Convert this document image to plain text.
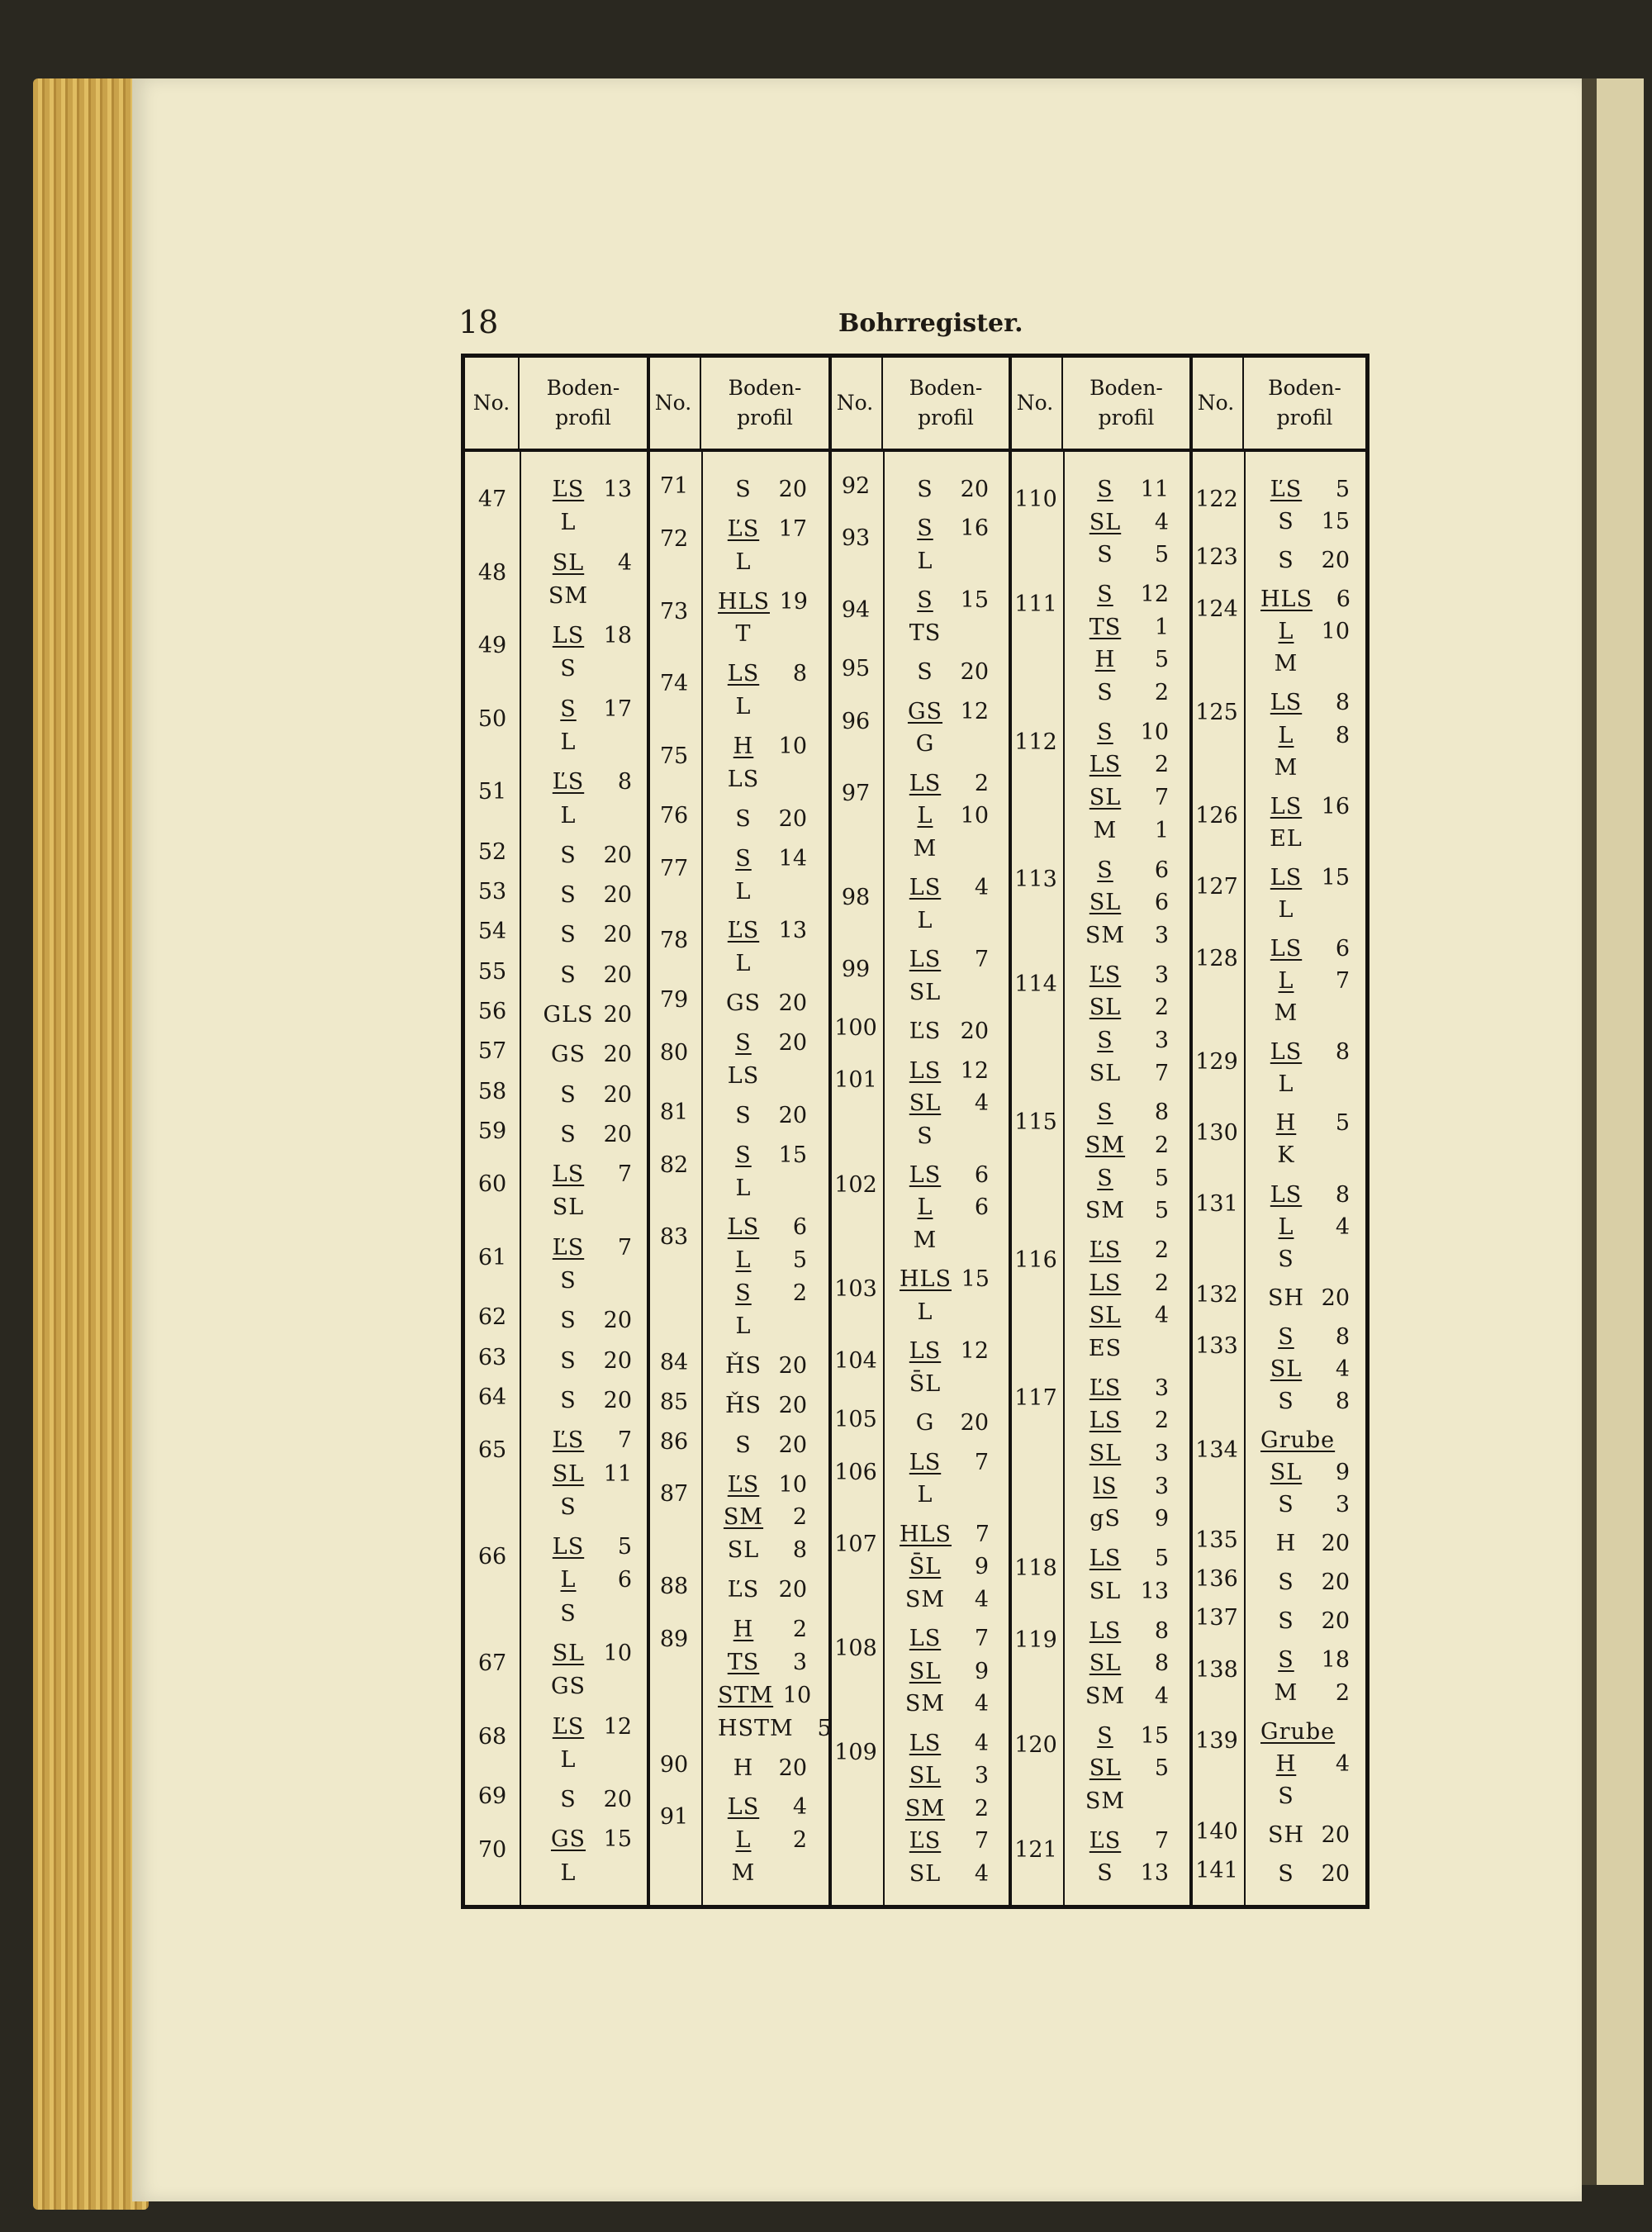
18	Bohrregister.
No.
Boden-
profil
47	ĽS 13
L
48	SL 4
SM
49	LS 18
S
50	S 17
L
51	ĽS 8
L
52	S 20
53	S 20
54	S 20
55	S 20
56	GLS 20
57	GS 20
58	S 20
59	S 20
60	LS 7
SL
61	ĽS 7
S
62	S 20
63	S 20
64	S 20
65	ĽS 7
SL 11
S
66	LS 5
L 6
S
67	SL 10
GS
68	ĽS 12
L
69	S 20
70	GS 15
L
No.
Boden-
profil
71	S 20
72	ĽS 17
L
73	HLS 19
T
74	LS 8
L
75	H 10
LS
76	S 20
77	S 14
L
78	ĽS 13
L
79	GS 20
80	S 20
LS
81	S 20
82	S 15
L
83	LS 6
L 5
S 2
L
84	ȞS 20
85	ȞS 20
86	S 20
87	ĽS 10
SM 2
SL 8
88	ĽS 20
89	H 2
TS 3
STM 10
HSTM 5
90	H 20
91	LS 4
L 2
M
No.
Boden-
profil
92	S 20
93	S 16
L
94	S 15
TS
95	S 20
96	GS 12
G
97	LS 2
L 10
M
98	LS 4
L
99	LS 7
SL
100	ĽS 20
101	LS 12
SL 4
S
102	LS 6
L 6
M
103	HLS 15
L
104	LS 12
S̄L
105	G 20
106	LS 7
L
107	HLS 7
S̄L 9
SM 4
108	LS 7
SL 9
SM 4
109	LS 4
SL 3
SM 2
ĽS 7
SL 4
No.
Boden-
profil
110	S 11
SL 4
S 5
111	S 12
TS 1
H 5
S 2
112	S 10
LS 2
SL 7
M 1
113	S 6
SL 6
SM 3
114	ĽS 3
SL 2
S 3
SL 7
115	S 8
SM 2
S 5
SM 5
116	ĽS 2
LS 2
SL 4
ES
117	ĽS 3
LS 2
SL 3
lS 3
gS 9
118	LS 5
SL 13
119	LS 8
SL 8
SM 4
120	S 15
SL 5
SM
121	ĽS 7
S 13
No.
Boden-
profil
122	ĽS 5
S 15
123	S 20
124	HLS 6
L 10
M
125	LS 8
L 8
M
126	LS 16
EL
127	LS 15
L
128	LS 6
L 7
M
129	LS 8
L
130	H 5
K
131	LS 8
L 4
S
132	SH 20
133	S 8
SL 4
S 8
134	Grube
SL 9
S 3
135	H 20
136	S 20
137	S 20
138	S 18
M 2
139	Grube
H 4
S
140	SH 20
141	S 20
